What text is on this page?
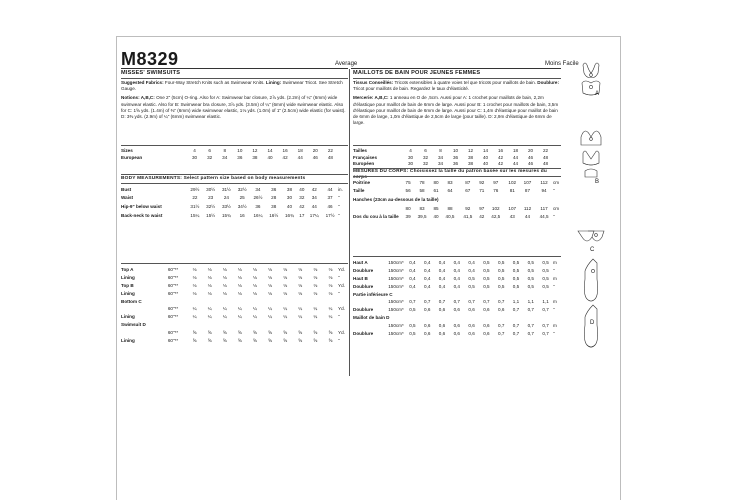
M8329	Average	Moins Facile
MISSES' SWIMSUITS
Suggested Fabrics: Four-Way Stretch Knits such as Swimwear Knits. Lining: Swimwear Tricot. See Stretch Gauge.
Notions: A,B,C: One 2" (5cm) O-ring. Also for A: Swimwear bar closure, 2⅞ yds. (2.2m) of ¼" (6mm) wide swimwear elastic. Also for B: Swimwear bra closure, 3⅞ yds. (3.5m) of ¼" (6mm) wide swimwear elastic. Also for C: 1⅝ yds. (1.4m) of ⅜" (6mm) wide swimwear elastic, 1⅛ yds. (1.0m) of 1" (2.5cm) wide elastic (for waist). D: 3⅜ yds. (2.9m) of ¼" (6mm) swimwear elastic.
Sizes		4	6	8	10	12	14	16	18	20	22	
European		30	32	34	36	38	40	42	44	46	48	
BODY MEASUREMENTS: Select pattern size based on body measurements
Bust		29½	30½	31½	32½	34	36	38	40	42	44	in.
Waist		22	23	24	25	26½	28	30	32	34	37	"
Hip-9" below waist		31½	32½	33½	34½	36	38	40	42	44	46	"
Back-neck to waist		15¼	15½	15¾	16	16¼	16½	16¾	17	17¼	17½	"
Top A	60"**	⅛	⅛	⅛	⅛	⅛	⅛	⅛	⅛	⅛	⅛	Yd.
Lining	60"**	⅛	⅛	⅛	⅛	⅛	⅛	⅛	⅛	⅛	⅛	"
Top B	60"**	⅛	⅛	⅛	⅛	⅛	⅛	⅛	⅛	⅛	⅛	Yd.
Lining	60"**	⅛	⅛	⅛	⅛	⅛	⅛	⅛	⅛	⅛	⅛	"
Bottom C												
	60"**	¼	¼	¼	¼	¼	¼	¼	¼	¼	¼	Yd.
Lining	60"**	¼	¼	¼	¼	¼	¼	¼	¼	¼	¼	"
Swimsuit D												
	60"**	⅝	⅝	⅝	⅝	⅝	⅝	⅝	⅝	⅝	⅝	Yd.
Lining	60"**	⅝	⅝	⅝	⅝	⅝	⅝	⅝	⅝	⅝	⅝	"
MAILLOTS DE BAIN POUR JEUNES FEMMES
Tissus Conseillés: Tricots extensibles à quatre voies tel que tricots pour maillots de bain. Doublure: Tricot pour maillots de bain. Regardez le taux d'élasticité.
Mercerie: A,B,C: 1 anneau en O de ,5cm. Aussi pour A: 1 crochet pour maillots de bain, 2,2m d'élastique pour maillot de bain de 6mm de large. Aussi pour B: 1 crochet pour maillots de bain, 3,5m d'élastique pour maillot de bain de 6mm de large. Aussi pour C: 1,4m d'élastique pour maillot de bain de 6mm de large, 1,0m d'élastique de 2,5cm de large (pour taille). D: 2,9m d'élastique de 6mm de large.
Tailles	4	6	8	10	12	14	16	18	20	22	
Françaises	30	32	34	36	38	40	42	44	46	48	
Européen	30	32	34	36	38	40	42	44	46	48	
MESURES DU CORPS: Choisissez la taille du patron basée sur les mesures du corps
Poitrine	75	78	80	83	87	92	97	102	107	112	cm
Taille	56	58	61	64	67	71	76	81	87	94	"
Hanches (23cm au-dessous de la taille)											
	80	83	85	88	92	97	102	107	112	117	cm
Dos du cou à la taille	39	39,5	40	40,5	41,5	42	42,5	43	44	44,5	"
Haut A	150cm*	0,4	0,4	0,4	0,4	0,4	0,5	0,5	0,5	0,5	0,5	m
Doublure	150cm*	0,4	0,4	0,4	0,4	0,4	0,5	0,5	0,5	0,5	0,5	"
Haut B	150cm*	0,4	0,4	0,4	0,4	0,5	0,5	0,5	0,5	0,5	0,5	m
Doublure	150cm*	0,4	0,4	0,4	0,4	0,5	0,5	0,5	0,5	0,5	0,5	"
Partie inférieure C												
	150cm*	0,7	0,7	0,7	0,7	0,7	0,7	0,7	1,1	1,1	1,1	m
Doublure	150cm*	0,5	0,6	0,6	0,6	0,6	0,6	0,6	0,7	0,7	0,7	"
Maillot de bain D												
	150cm*	0,5	0,6	0,6	0,6	0,6	0,6	0,7	0,7	0,7	0,7	m
Doublure	150cm*	0,5	0,6	0,6	0,6	0,6	0,6	0,7	0,7	0,7	0,7	"
A
B
C
D
